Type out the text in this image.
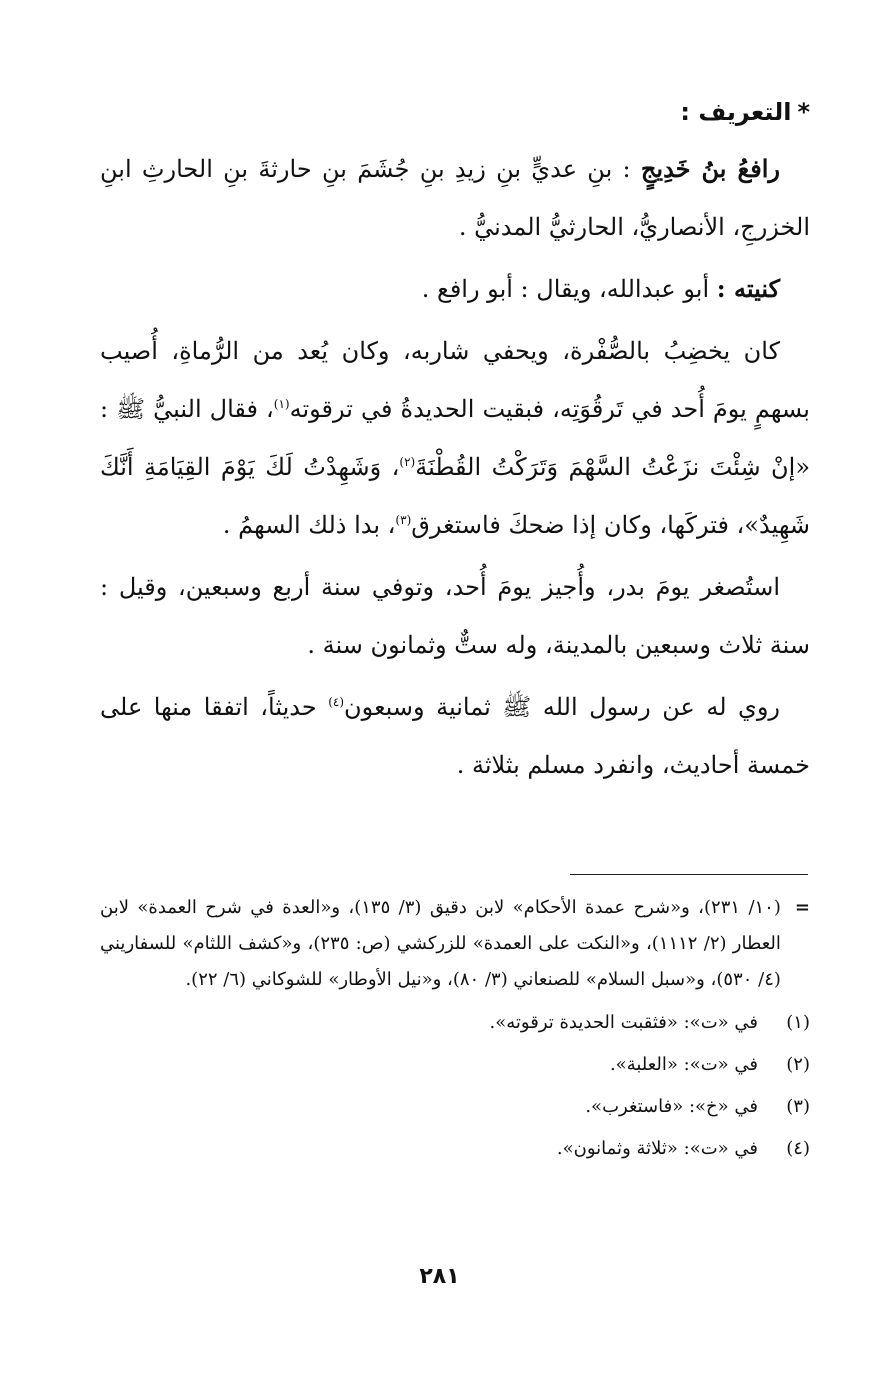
*التعريف :

رافعُ بنُ خَدِيجٍ : بنِ عديٍّ بنِ زيدِ بنِ جُشَمَ بنِ حارثةَ بنِ الحارثِ ابنِ الخزرجِ، الأنصاريُّ، الحارثيُّ المدنيُّ .

كنيته : أبو عبدالله، ويقال : أبو رافع .

كان يخضِبُ بالصُّفْرة، ويحفي شاربه، وكان يُعد من الرُّماةِ، أُصيب بسهمٍ يومَ أُحد في تَرقُوَتِه، فبقيت الحديدةُ في ترقوته$^{(١)}$، فقال النبيُّ ﷺ : «إنْ شِئْتَ نزَعْتُ السَّهْمَ وَتَرَكْتُ القُطْنَةَ$^{(٢)}$، وَشَهِدْتُ لَكَ يَوْمَ القِيَامَةِ أَنَّكَ شَهِيدٌ»، فتركَها، وكان إذا ضحكَ فاستغرق$^{(٣)}$، بدا ذلك السهمُ .

استُصغر يومَ بدر، وأُجيز يومَ أُحد، وتوفي سنة أربع وسبعين، وقيل : سنة ثلاث وسبعين بالمدينة، وله ستٌّ وثمانون سنة .

روي له عن رسول الله ﷺ ثمانية وسبعون$^{(٤)}$ حديثاً، اتفقا منها على خمسة أحاديث، وانفرد مسلم بثلاثة .

=
(١٠/ ٢٣١)، و«شرح عمدة الأحكام» لابن دقيق (٣/ ١٣٥)، و«العدة في شرح العمدة» لابن العطار (٢/ ١١١٢)، و«النكت على العمدة» للزركشي (ص: ٢٣٥)، و«كشف اللثام» للسفاريني (٤/ ٥٣٠)، و«سبل السلام» للصنعاني (٣/ ٨٠)، و«نيل الأوطار» للشوكاني (٦/ ٢٢).
(١)
في «ت»: «فثقبت الحديدة ترقوته».
(٢)
في «ت»: «العلبة».
(٣)
في «خ»: «فاستغرب».
(٤)
في «ت»: «ثلاثة وثمانون».
٢٨١
